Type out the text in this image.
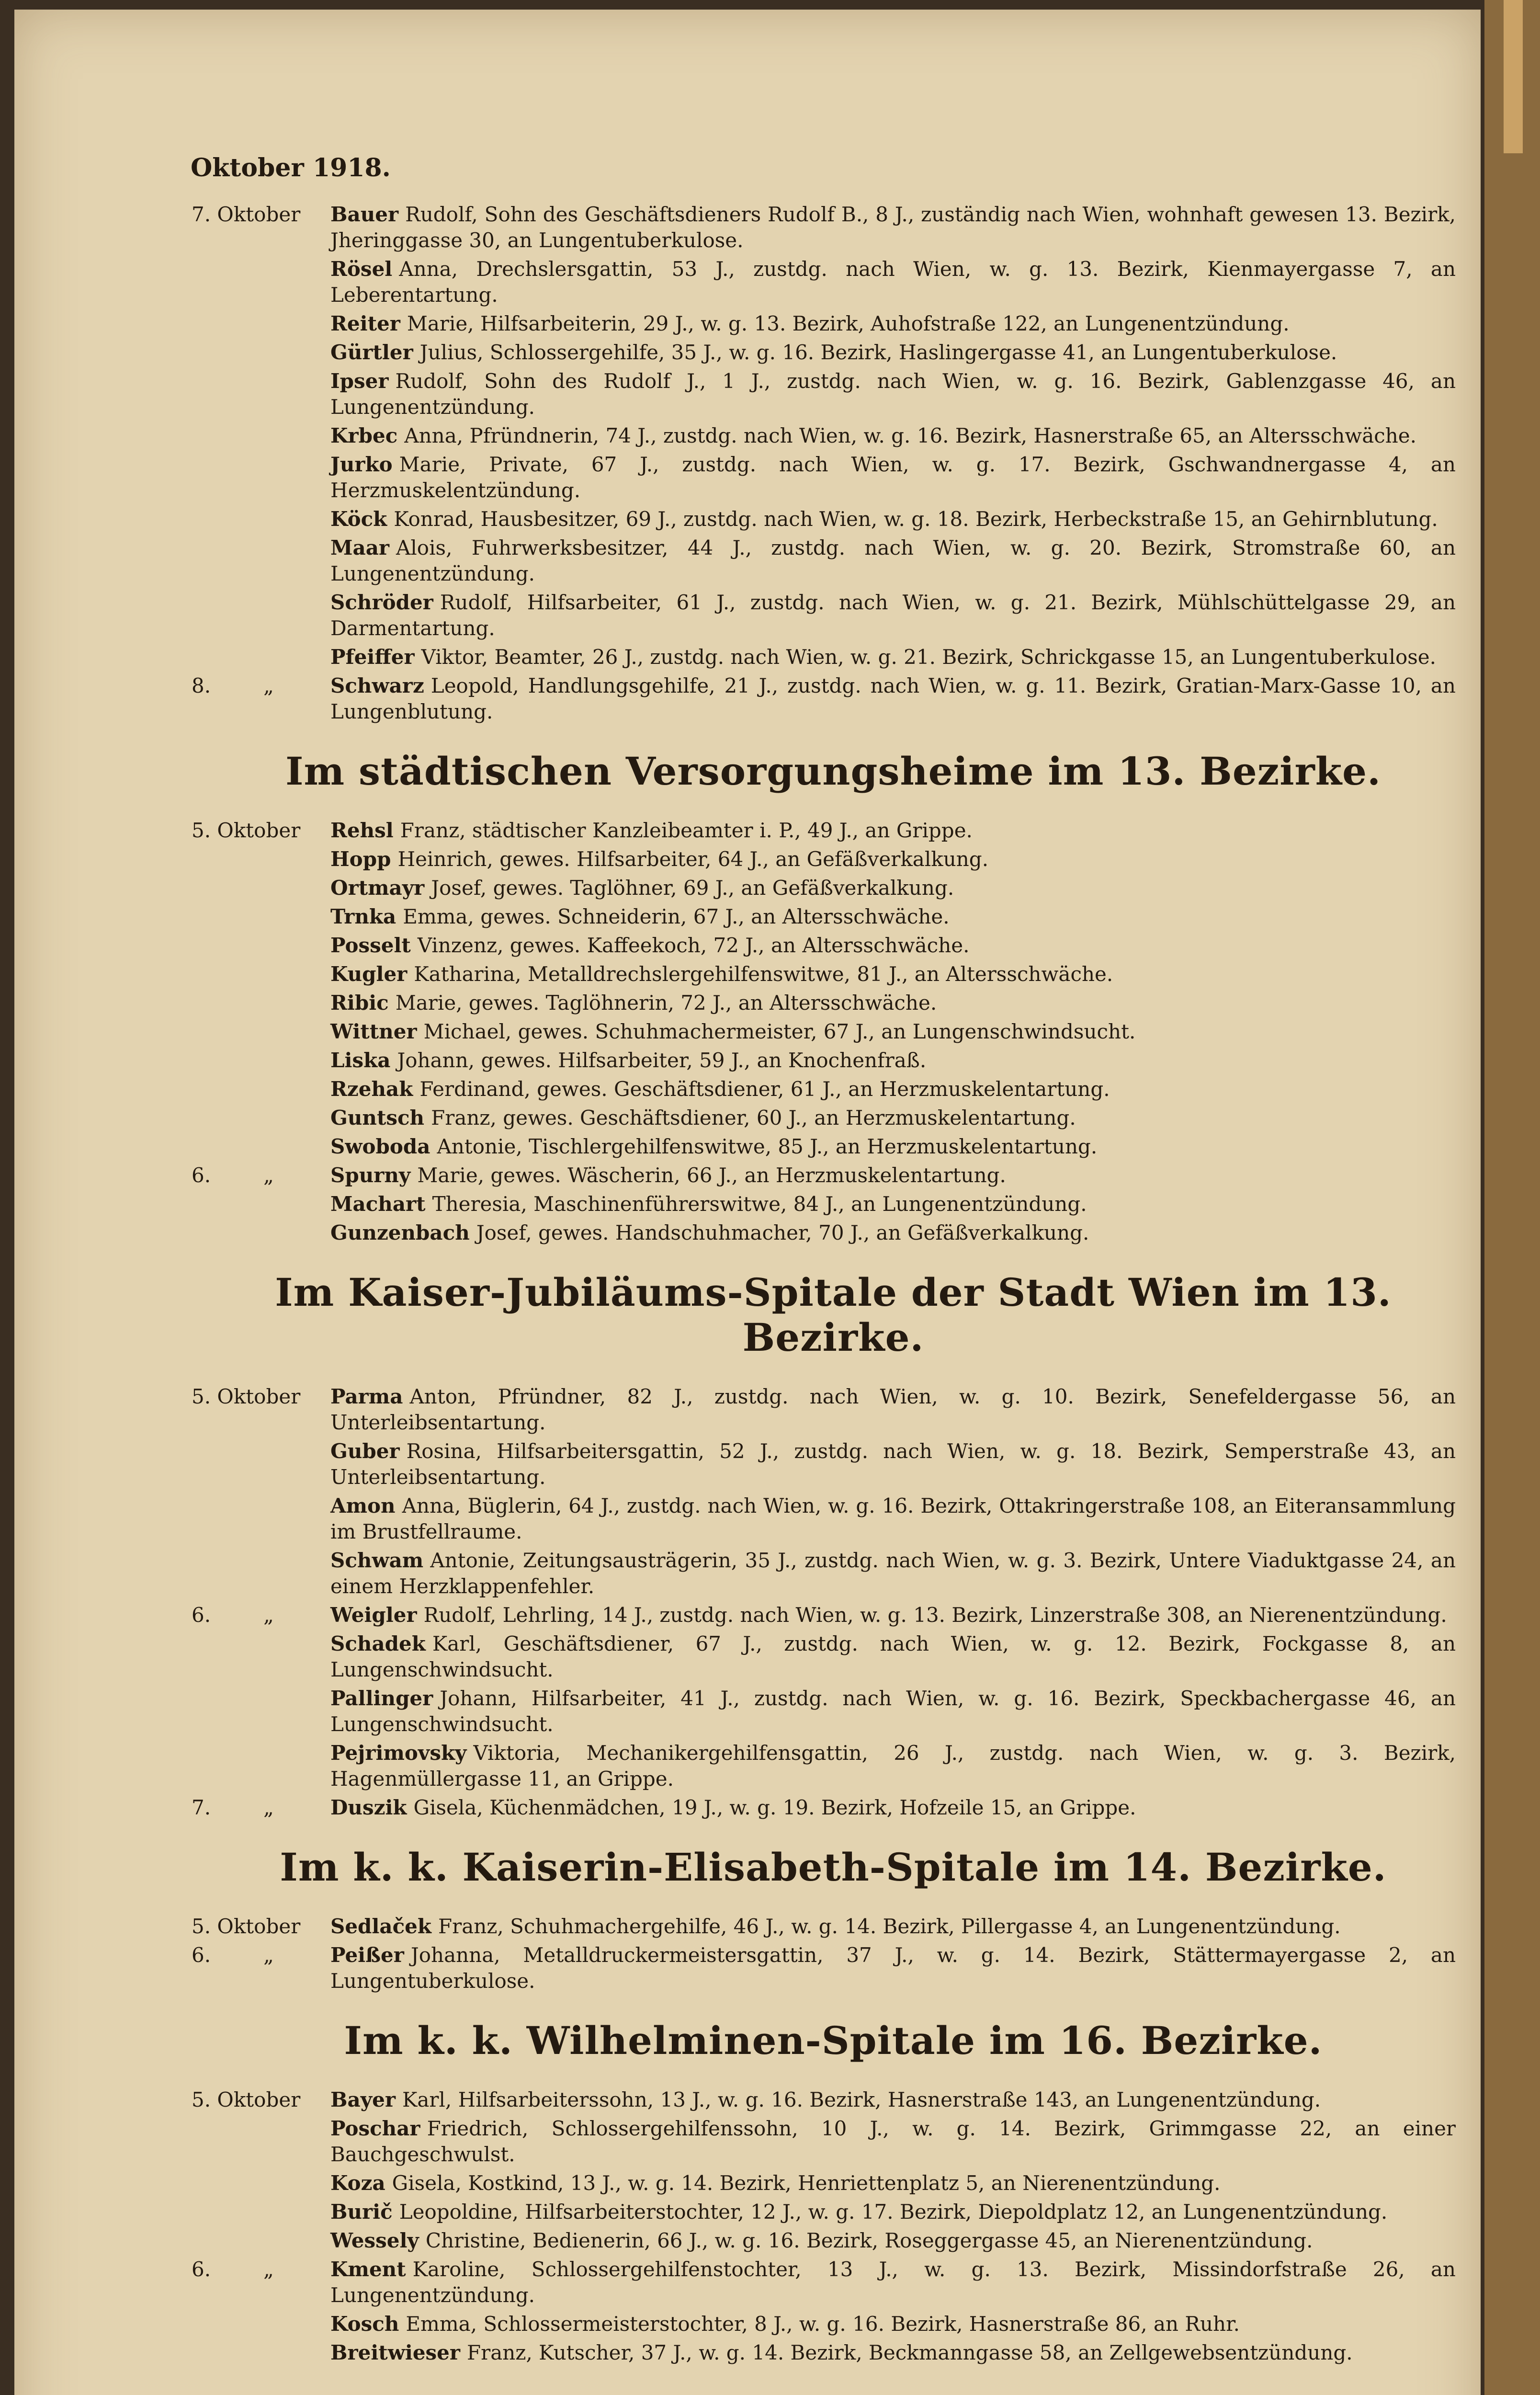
Oktober 1918.
7. Oktober	Bauer Rudolf, Sohn des Geschäftsdieners Rudolf B., 8 J., zuständig nach Wien, wohnhaft gewesen 13. Bezirk, Jheringgasse 30, an Lungentuberkulose.
Rösel Anna, Drechslersgattin, 53 J., zustdg. nach Wien, w. g. 13. Bezirk, Kienmayergasse 7, an Leberentartung.
Reiter Marie, Hilfsarbeiterin, 29 J., w. g. 13. Bezirk, Auhofstraße 122, an Lungenentzündung.
Gürtler Julius, Schlossergehilfe, 35 J., w. g. 16. Bezirk, Haslingergasse 41, an Lungentuberkulose.
Ipser Rudolf, Sohn des Rudolf J., 1 J., zustdg. nach Wien, w. g. 16. Bezirk, Gablenzgasse 46, an Lungenentzündung.
Krbec Anna, Pfründnerin, 74 J., zustdg. nach Wien, w. g. 16. Bezirk, Hasnerstraße 65, an Altersschwäche.
Jurko Marie, Private, 67 J., zustdg. nach Wien, w. g. 17. Bezirk, Gschwandnergasse 4, an Herzmuskelentzündung.
Köck Konrad, Hausbesitzer, 69 J., zustdg. nach Wien, w. g. 18. Bezirk, Herbeckstraße 15, an Gehirnblutung.
Maar Alois, Fuhrwerksbesitzer, 44 J., zustdg. nach Wien, w. g. 20. Bezirk, Stromstraße 60, an Lungenentzündung.
Schröder Rudolf, Hilfsarbeiter, 61 J., zustdg. nach Wien, w. g. 21. Bezirk, Mühlschüttelgasse 29, an Darmentartung.
Pfeiffer Viktor, Beamter, 26 J., zustdg. nach Wien, w. g. 21. Bezirk, Schrickgasse 15, an Lungentuberkulose.
8.	„	Schwarz Leopold, Handlungsgehilfe, 21 J., zustdg. nach Wien, w. g. 11. Bezirk, Gratian-Marx-Gasse 10, an Lungenblutung.
Im städtischen Versorgungsheime im 13. Bezirke.
5. Oktober	Rehsl Franz, städtischer Kanzleibeamter i. P., 49 J., an Grippe.
Hopp Heinrich, gewes. Hilfsarbeiter, 64 J., an Gefäßverkalkung.
Ortmayr Josef, gewes. Taglöhner, 69 J., an Gefäßverkalkung.
Trnka Emma, gewes. Schneiderin, 67 J., an Altersschwäche.
Posselt Vinzenz, gewes. Kaffeekoch, 72 J., an Altersschwäche.
Kugler Katharina, Metalldrechslergehilfenswitwe, 81 J., an Altersschwäche.
Ribic Marie, gewes. Taglöhnerin, 72 J., an Altersschwäche.
Wittner Michael, gewes. Schuhmachermeister, 67 J., an Lungenschwindsucht.
Liska Johann, gewes. Hilfsarbeiter, 59 J., an Knochenfraß.
Rzehak Ferdinand, gewes. Geschäftsdiener, 61 J., an Herzmuskelentartung.
Guntsch Franz, gewes. Geschäftsdiener, 60 J., an Herzmuskelentartung.
Swoboda Antonie, Tischlergehilfenswitwe, 85 J., an Herzmuskelentartung.
6.	„	Spurny Marie, gewes. Wäscherin, 66 J., an Herzmuskelentartung.
Machart Theresia, Maschinenführerswitwe, 84 J., an Lungenentzündung.
Gunzenbach Josef, gewes. Handschuhmacher, 70 J., an Gefäßverkalkung.
Im Kaiser-Jubiläums-Spitale der Stadt Wien im 13. Bezirke.
5. Oktober	Parma Anton, Pfründner, 82 J., zustdg. nach Wien, w. g. 10. Bezirk, Senefeldergasse 56, an Unterleibsentartung.
Guber Rosina, Hilfsarbeitersgattin, 52 J., zustdg. nach Wien, w. g. 18. Bezirk, Semperstraße 43, an Unterleibsentartung.
Amon Anna, Büglerin, 64 J., zustdg. nach Wien, w. g. 16. Bezirk, Ottakringerstraße 108, an Eiteransammlung im Brustfellraume.
Schwam Antonie, Zeitungsausträgerin, 35 J., zustdg. nach Wien, w. g. 3. Bezirk, Untere Viaduktgasse 24, an einem Herzklappenfehler.
6.	„	Weigler Rudolf, Lehrling, 14 J., zustdg. nach Wien, w. g. 13. Bezirk, Linzerstraße 308, an Nierenentzündung.
Schadek Karl, Geschäftsdiener, 67 J., zustdg. nach Wien, w. g. 12. Bezirk, Fockgasse 8, an Lungenschwindsucht.
Pallinger Johann, Hilfsarbeiter, 41 J., zustdg. nach Wien, w. g. 16. Bezirk, Speckbachergasse 46, an Lungenschwindsucht.
Pejrimovsky Viktoria, Mechanikergehilfensgattin, 26 J., zustdg. nach Wien, w. g. 3. Bezirk, Hagenmüllergasse 11, an Grippe.
7.	„	Duszik Gisela, Küchenmädchen, 19 J., w. g. 19. Bezirk, Hofzeile 15, an Grippe.
Im k. k. Kaiserin-Elisabeth-Spitale im 14. Bezirke.
5. Oktober	Sedlaček Franz, Schuhmachergehilfe, 46 J., w. g. 14. Bezirk, Pillergasse 4, an Lungenentzündung.
6.	„	Peißer Johanna, Metalldruckermeistersgattin, 37 J., w. g. 14. Bezirk, Stättermayergasse 2, an Lungentuberkulose.
Im k. k. Wilhelminen-Spitale im 16. Bezirke.
5. Oktober	Bayer Karl, Hilfsarbeiterssohn, 13 J., w. g. 16. Bezirk, Hasnerstraße 143, an Lungenentzündung.
Poschar Friedrich, Schlossergehilfenssohn, 10 J., w. g. 14. Bezirk, Grimmgasse 22, an einer Bauchgeschwulst.
Koza Gisela, Kostkind, 13 J., w. g. 14. Bezirk, Henriettenplatz 5, an Nierenentzündung.
Burič Leopoldine, Hilfsarbeiterstochter, 12 J., w. g. 17. Bezirk, Diepoldplatz 12, an Lungenentzündung.
Wessely Christine, Bedienerin, 66 J., w. g. 16. Bezirk, Roseggergasse 45, an Nierenentzündung.
6.	„	Kment Karoline, Schlossergehilfenstochter, 13 J., w. g. 13. Bezirk, Missindorfstraße 26, an Lungenentzündung.
Kosch Emma, Schlossermeisterstochter, 8 J., w. g. 16. Bezirk, Hasnerstraße 86, an Ruhr.
Breitwieser Franz, Kutscher, 37 J., w. g. 14. Bezirk, Beckmanngasse 58, an Zellgewebsentzündung.
